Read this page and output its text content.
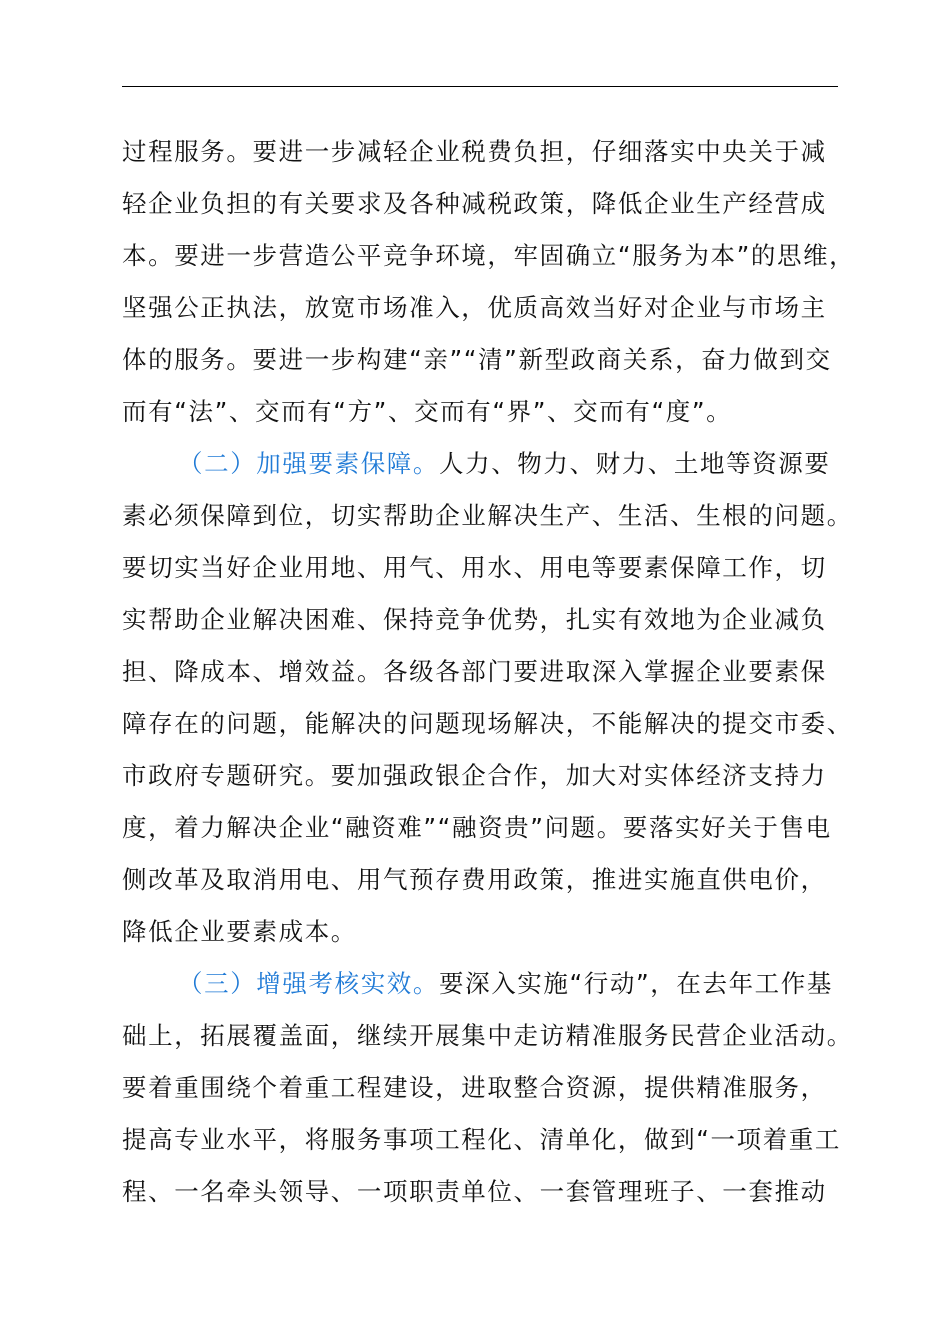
过程服务。要进一步减轻企业税费负担，仔细落实中央关于减
轻企业负担的有关要求及各种减税政策，降低企业生产经营成
本。要进一步营造公平竞争环境，牢固确立“服务为本”的思维，
坚强公正执法，放宽市场准入，优质高效当好对企业与市场主
体的服务。要进一步构建“亲”“清”新型政商关系，奋力做到交
而有“法”、交而有“方”、交而有“界”、交而有“度”。
（二）加强要素保障。人力、物力、财力、土地等资源要
素必须保障到位，切实帮助企业解决生产、生活、生根的问题。
要切实当好企业用地、用气、用水、用电等要素保障工作，切
实帮助企业解决困难、保持竞争优势，扎实有效地为企业减负
担、降成本、增效益。各级各部门要进取深入掌握企业要素保
障存在的问题，能解决的问题现场解决，不能解决的提交市委、
市政府专题研究。要加强政银企合作，加大对实体经济支持力
度，着力解决企业“融资难”“融资贵”问题。要落实好关于售电
侧改革及取消用电、用气预存费用政策，推进实施直供电价，
降低企业要素成本。
（三）增强考核实效。要深入实施“行动”，在去年工作基
础上，拓展覆盖面，继续开展集中走访精准服务民营企业活动。
要着重围绕个着重工程建设，进取整合资源，提供精准服务，
提高专业水平，将服务事项工程化、清单化，做到“一项着重工
程、一名牵头领导、一项职责单位、一套管理班子、一套推动
